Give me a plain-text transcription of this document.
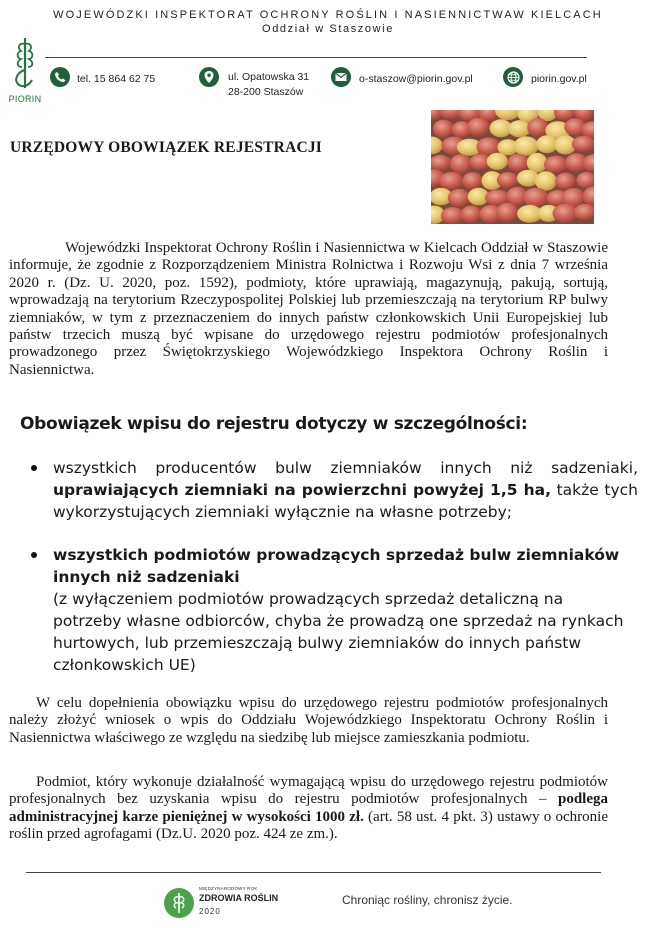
WOJEWÓDZKI INSPEKTORAT OCHRONY ROŚLIN I NASIENNICTWAW KIELCACH
Oddział w Staszowie
PIORIN
tel. 15 864 62 75	ul. Opatowska 31
28-200 Staszów
o-staszow@piorin.gov.pl	piorin.gov.pl
URZĘDOWY OBOWIĄZEK REJESTRACJI
Wojewódzki Inspektorat Ochrony Roślin i Nasiennictwa w Kielcach Oddział w Staszowie informuje, że zgodnie z Rozporządzeniem Ministra Rolnictwa i Rozwoju Wsi z dnia 7 września 2020 r. (Dz. U. 2020, poz. 1592), podmioty, które uprawiają, magazynują, pakują, sortują, wprowadzają na terytorium Rzeczypospolitej Polskiej lub przemieszczają na terytorium RP bulwy ziemniaków, w tym z przeznaczeniem do innych państw członkowskich Unii Europejskiej lub państw trzecich muszą być wpisane do urzędowego rejestru podmiotów profesjonalnych prowadzonego przez Świętokrzyskiego Wojewódzkiego Inspektora Ochrony Roślin i Nasiennictwa.
Obowiązek wpisu do rejestru dotyczy w szczególności:
wszystkich producentów bulw ziemniaków innych niż sadzeniaki, uprawiających ziemniaki na powierzchni powyżej 1,5 ha, także tych wykorzystujących ziemniaki wyłącznie na własne potrzeby;
wszystkich podmiotów prowadzących sprzedaż bulw ziemniaków innych niż sadzeniaki
(z wyłączeniem podmiotów prowadzących sprzedaż detaliczną na potrzeby własne odbiorców, chyba że prowadzą one sprzedaż na rynkach hurtowych, lub przemieszczają bulwy ziemniaków do innych państw członkowskich UE)
W celu dopełnienia obowiązku wpisu do urzędowego rejestru podmiotów profesjonalnych należy złożyć wniosek o wpis do Oddziału Wojewódzkiego Inspektoratu Ochrony Roślin i Nasiennictwa właściwego ze względu na siedzibę lub miejsce zamieszkania podmiotu.
Podmiot, który wykonuje działalność wymagającą wpisu do urzędowego rejestru podmiotów profesjonalnych bez uzyskania wpisu do rejestru podmiotów profesjonalnych – podlega administracyjnej karze pieniężnej w wysokości 1000 zł. (art. 58 ust. 4 pkt. 3) ustawy o ochronie roślin przed agrofagami (Dz.U. 2020 poz. 424 ze zm.).
MIĘDZYNARODOWY ROK
ZDROWIA ROŚLIN
2020
Chroniąc rośliny, chronisz życie.
